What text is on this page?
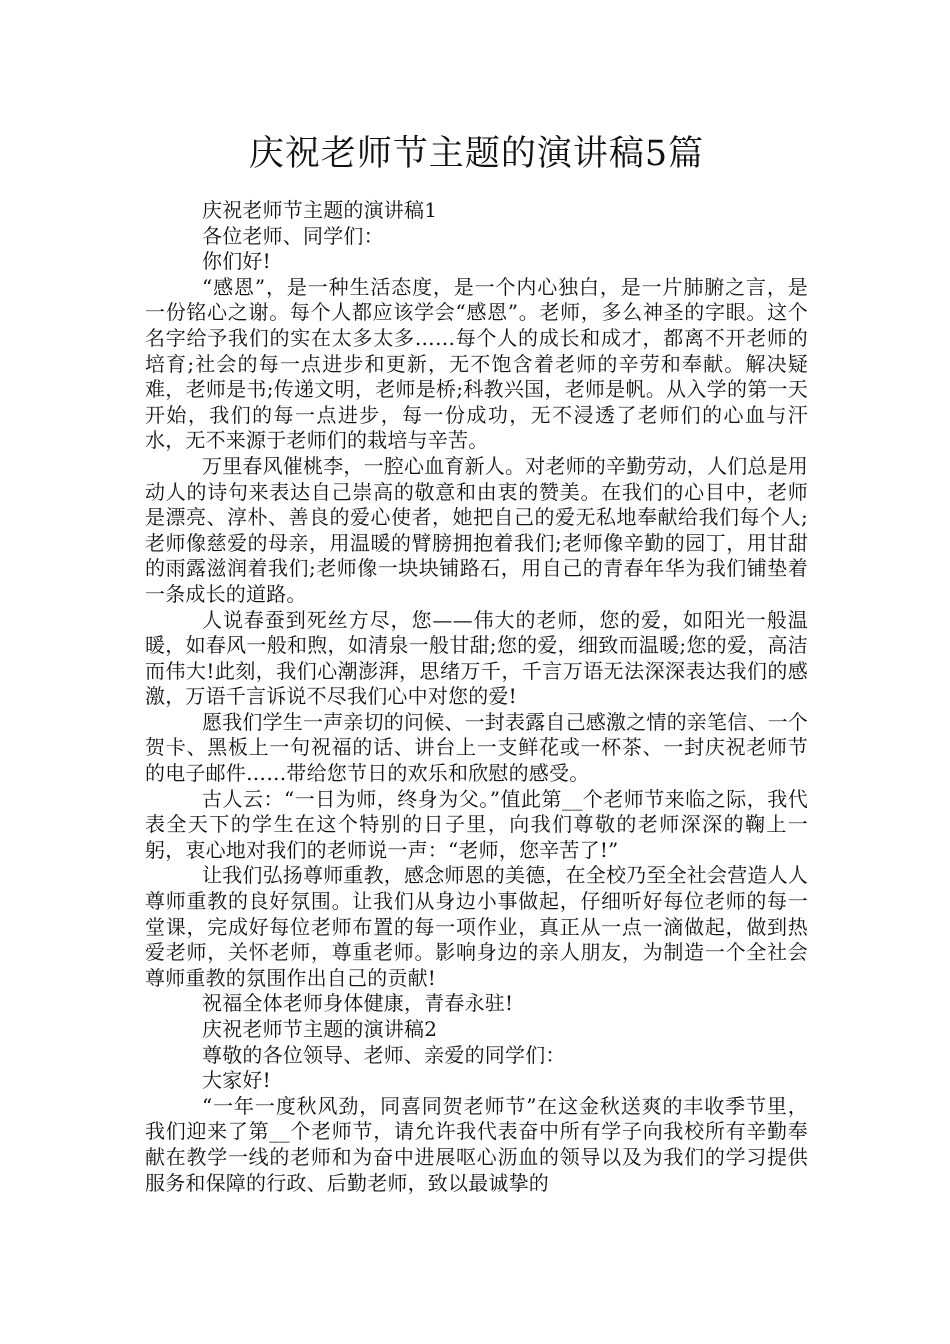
庆祝老师节主题的演讲稿5篇

庆祝老师节主题的演讲稿1

各位老师、同学们：

你们好!

“感恩”，是一种生活态度，是一个内心独白，是一片肺腑之言，是一份铭心之谢。每个人都应该学会“感恩”。老师，多么神圣的字眼。这个名字给予我们的实在太多太多……每个人的成长和成才，都离不开老师的培育;社会的每一点进步和更新，无不饱含着老师的辛劳和奉献。解决疑难，老师是书;传递文明，老师是桥;科教兴国，老师是帆。从入学的第一天开始，我们的每一点进步，每一份成功，无不浸透了老师们的心血与汗水，无不来源于老师们的栽培与辛苦。

万里春风催桃李，一腔心血育新人。对老师的辛勤劳动，人们总是用动人的诗句来表达自己崇高的敬意和由衷的赞美。在我们的心目中，老师是漂亮、淳朴、善良的爱心使者，她把自己的爱无私地奉献给我们每个人;老师像慈爱的母亲，用温暖的臂膀拥抱着我们;老师像辛勤的园丁，用甘甜的雨露滋润着我们;老师像一块块铺路石，用自己的青春年华为我们铺垫着一条成长的道路。

人说春蚕到死丝方尽，您——伟大的老师，您的爱，如阳光一般温暖，如春风一般和煦，如清泉一般甘甜;您的爱，细致而温暖;您的爱，高洁而伟大!此刻，我们心潮澎湃，思绪万千，千言万语无法深深表达我们的感激，万语千言诉说不尽我们心中对您的爱!

愿我们学生一声亲切的问候、一封表露自己感激之情的亲笔信、一个贺卡、黑板上一句祝福的话、讲台上一支鲜花或一杯茶、一封庆祝老师节的电子邮件……带给您节日的欢乐和欣慰的感受。

古人云：“一日为师，终身为父。”值此第__个老师节来临之际，我代表全天下的学生在这个特别的日子里，向我们尊敬的老师深深的鞠上一躬，衷心地对我们的老师说一声：“老师，您辛苦了!”

让我们弘扬尊师重教，感念师恩的美德，在全校乃至全社会营造人人尊师重教的良好氛围。让我们从身边小事做起，仔细听好每位老师的每一堂课，完成好每位老师布置的每一项作业，真正从一点一滴做起，做到热爱老师，关怀老师，尊重老师。影响身边的亲人朋友，为制造一个全社会尊师重教的氛围作出自己的贡献!

祝福全体老师身体健康，青春永驻!

庆祝老师节主题的演讲稿2

尊敬的各位领导、老师、亲爱的同学们：

大家好!

“一年一度秋风劲，同喜同贺老师节”在这金秋送爽的丰收季节里，我们迎来了第__个老师节，请允许我代表奋中所有学子向我校所有辛勤奉献在教学一线的老师和为奋中进展呕心沥血的领导以及为我们的学习提供服务和保障的行政、后勤老师，致以最诚挚的
